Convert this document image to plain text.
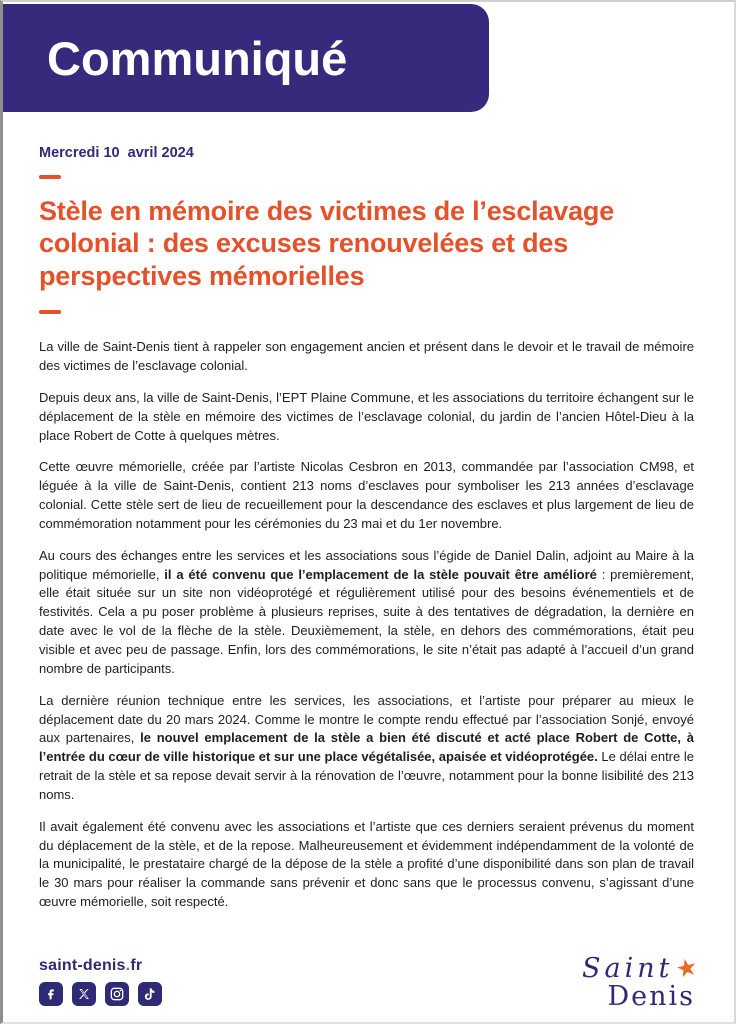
Communiqué
Mercredi 10  avril 2024
Stèle en mémoire des victimes de l’esclavage colonial : des excuses renouvelées et des perspectives mémorielles

La ville de Saint-Denis tient à rappeler son engagement ancien et présent dans le devoir et le travail de mémoire des victimes de l’esclavage colonial.

Depuis deux ans, la ville de Saint-Denis, l’EPT Plaine Commune, et les associations du territoire échangent sur le déplacement de la stèle en mémoire des victimes de l’esclavage colonial, du jardin de l’ancien Hôtel-Dieu à la place Robert de Cotte à quelques mètres.

Cette œuvre mémorielle, créée par l’artiste Nicolas Cesbron en 2013, commandée par l’association CM98, et léguée à la ville de Saint-Denis, contient 213 noms d’esclaves pour symboliser les 213 années d’esclavage colonial. Cette stèle sert de lieu de recueillement pour la descendance des esclaves et plus largement de lieu de commémoration notamment pour les cérémonies du 23 mai et du 1er novembre.

Au cours des échanges entre les services et les associations sous l’égide de Daniel Dalin, adjoint au Maire à la politique mémorielle, il a été convenu que l’emplacement de la stèle pouvait être amélioré : premièrement, elle était située sur un site non vidéoprotégé et régulièrement utilisé pour des besoins événementiels et de festivités. Cela a pu poser problème à plusieurs reprises, suite à des tentatives de dégradation, la dernière en date avec le vol de la flèche de la stèle. Deuxièmement, la stèle, en dehors des commémorations, était peu visible et avec peu de passage. Enfin, lors des commémorations, le site n’était pas adapté à l’accueil d’un grand nombre de participants.

La dernière réunion technique entre les services, les associations, et l’artiste pour préparer au mieux le déplacement date du 20 mars 2024. Comme le montre le compte rendu effectué par l’association Sonjé, envoyé aux partenaires, le nouvel emplacement de la stèle a bien été discuté et acté place Robert de Cotte, à l’entrée du cœur de ville historique et sur une place végétalisée, apaisée et vidéoprotégée. Le délai entre le retrait de la stèle et sa repose devait servir à la rénovation de l’œuvre, notamment pour la bonne lisibilité des 213 noms.

Il avait également été convenu avec les associations et l’artiste que ces derniers seraient prévenus du moment du déplacement de la stèle, et de la repose. Malheureusement et évidemment indépendamment de la volonté de la municipalité, le prestataire chargé de la dépose de la stèle a profité d’une disponibilité dans son plan de travail le 30 mars pour réaliser la commande sans prévenir et donc sans que le processus convenu, s’agissant d’une œuvre mémorielle, soit respecté.

saint-denis.fr	Saint★
Denis
